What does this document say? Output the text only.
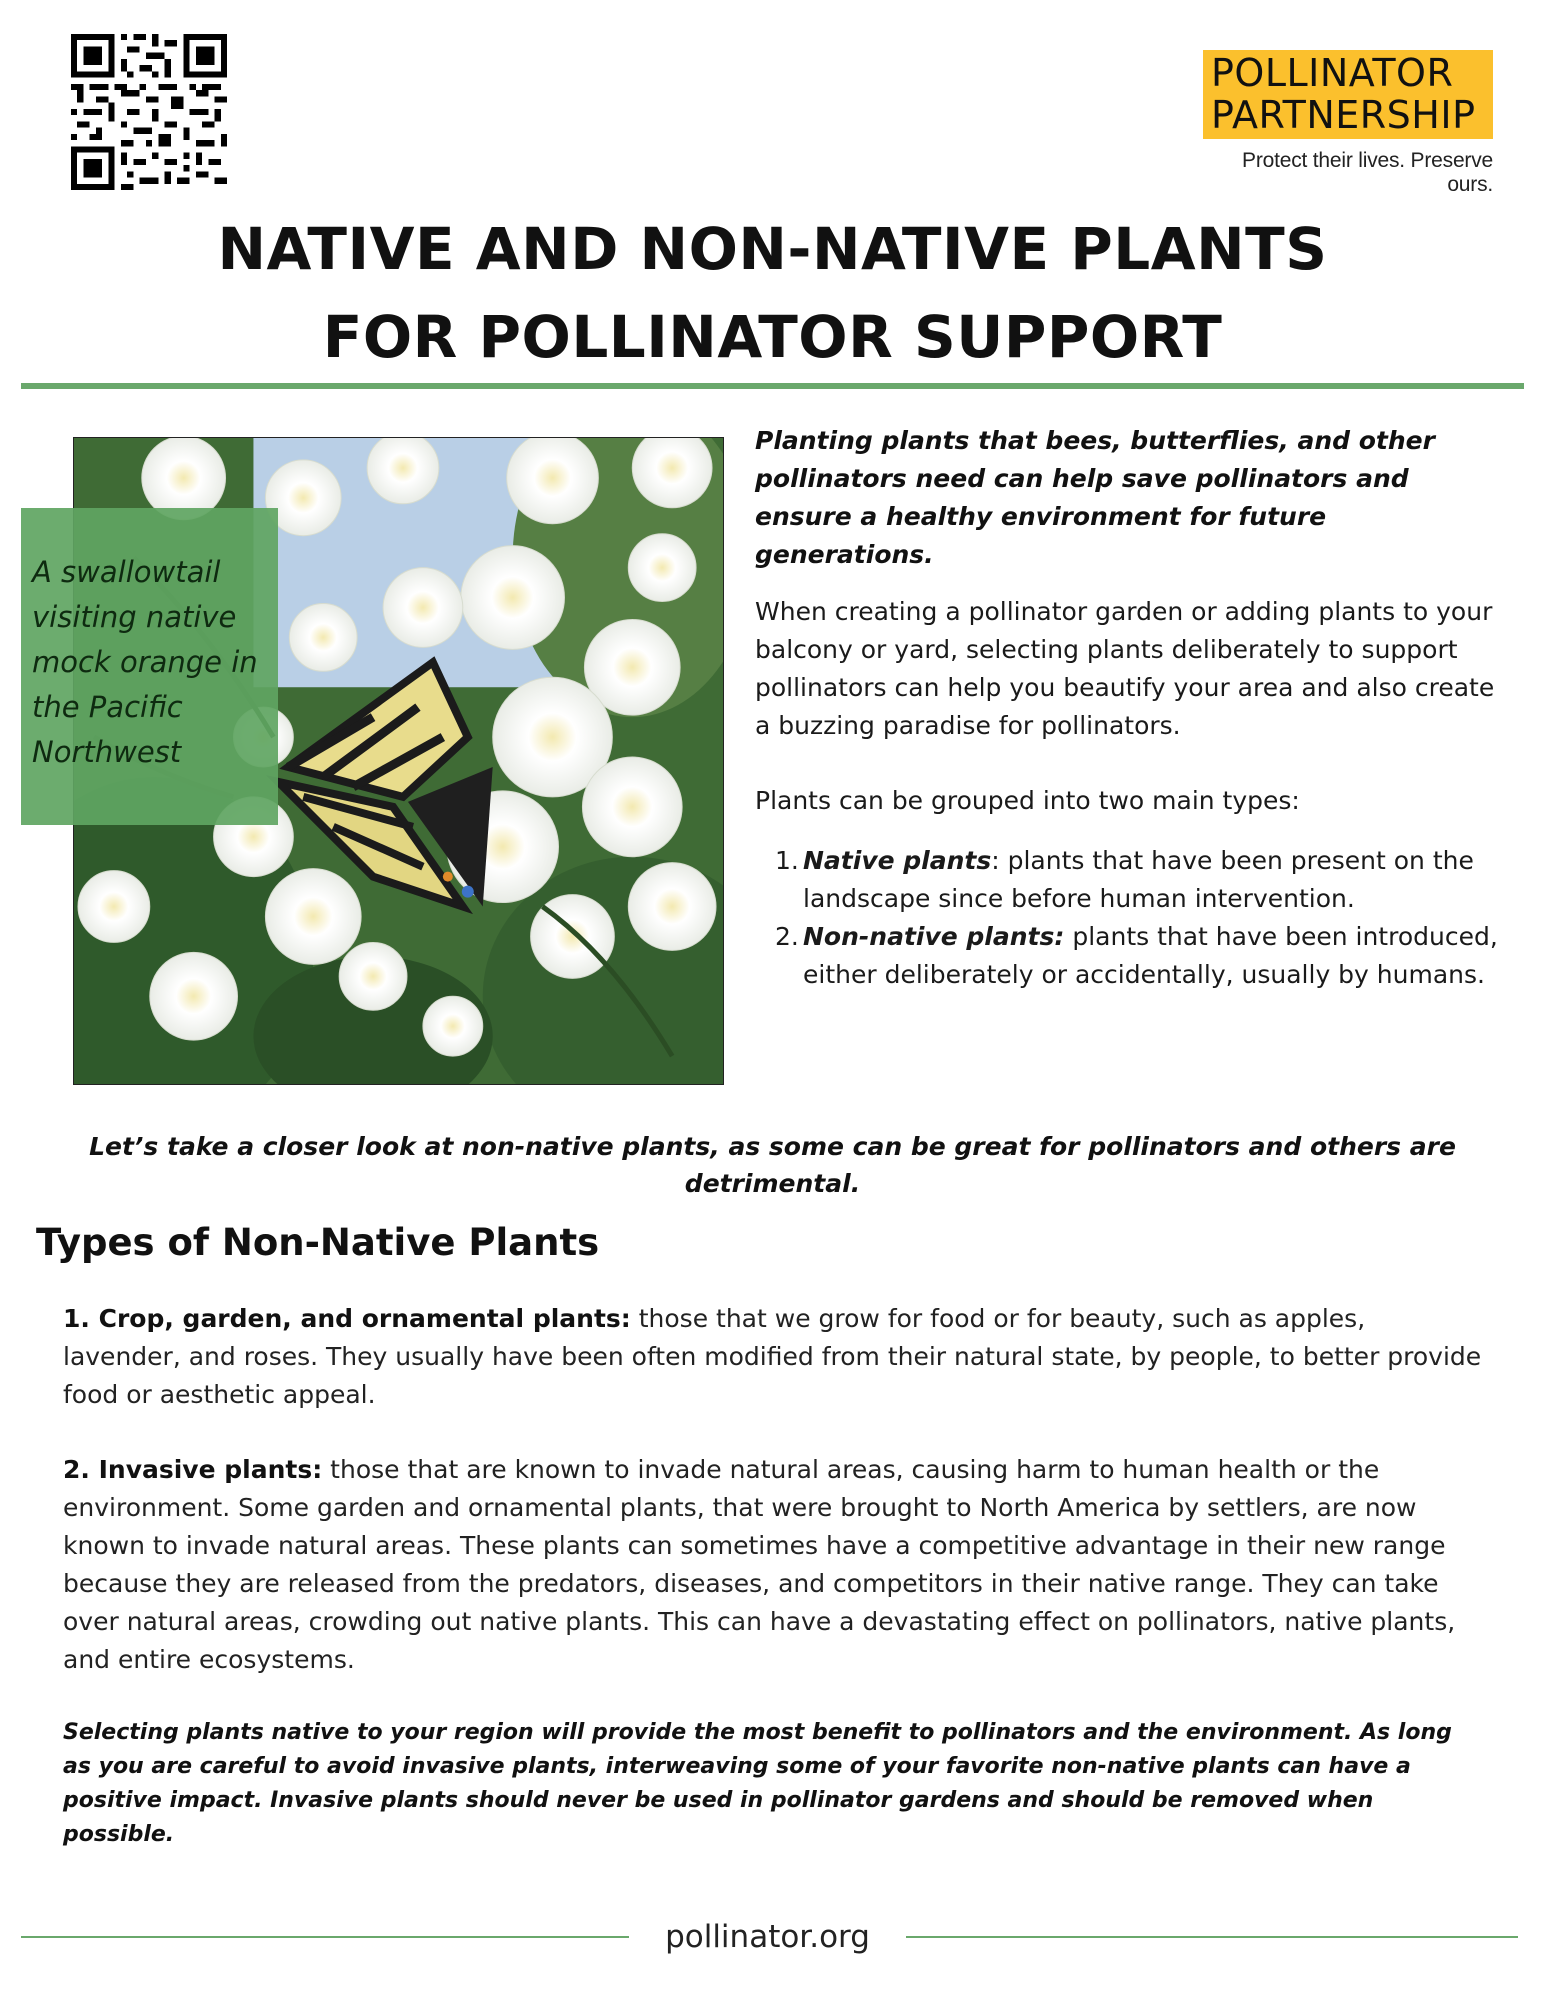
POLLINATOR
PARTNERSHIP
Protect their lives. Preserve ours.
NATIVE AND NON-NATIVE PLANTS
FOR POLLINATOR SUPPORT

A swallowtail visiting native mock orange in the Pacific Northwest

Planting plants that bees, butterflies, and other pollinators need can help save pollinators and ensure a healthy environment for future generations.

When creating a pollinator garden or adding plants to your balcony or yard, selecting plants deliberately to support pollinators can help you beautify your area and also create a buzzing paradise for pollinators.

Plants can be grouped into two main types:

1. Native plants: plants that have been present on the landscape since before human intervention.
2. Non-native plants: plants that have been introduced, either deliberately or accidentally, usually by humans.

Let’s take a closer look at non-native plants, as some can be great for pollinators and others are detrimental.

Types of Non-Native Plants

1. Crop, garden, and ornamental plants: those that we grow for food or for beauty, such as apples, lavender, and roses. They usually have been often modified from their natural state, by people, to better provide food or aesthetic appeal.

2. Invasive plants: those that are known to invade natural areas, causing harm to human health or the environment. Some garden and ornamental plants, that were brought to North America by settlers, are now known to invade natural areas. These plants can sometimes have a competitive advantage in their new range because they are released from the predators, diseases, and competitors in their native range. They can take over natural areas, crowding out native plants. This can have a devastating effect on pollinators, native plants, and entire ecosystems.

Selecting plants native to your region will provide the most benefit to pollinators and the environment. As long as you are careful to avoid invasive plants, interweaving some of your favorite non-native plants can have a positive impact. Invasive plants should never be used in pollinator gardens and should be removed when possible.

pollinator.org
